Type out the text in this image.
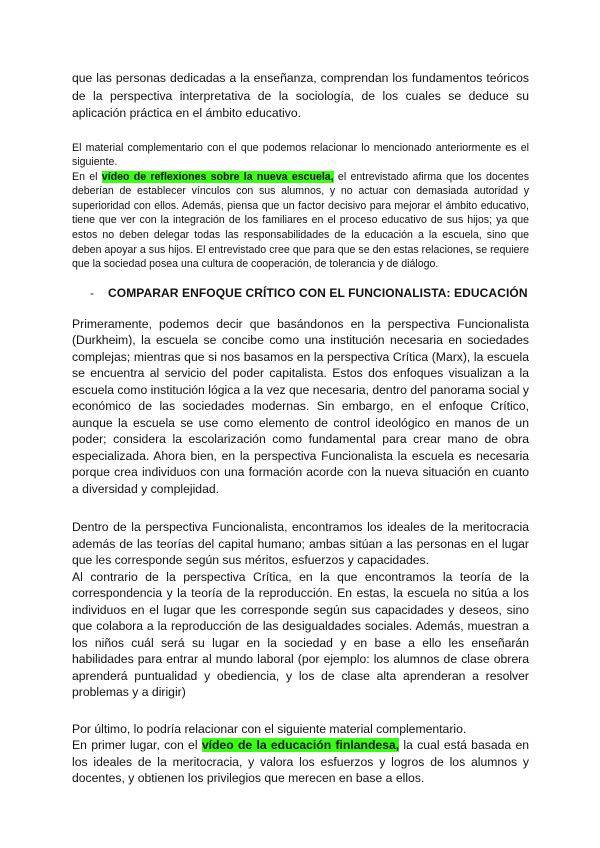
que las personas dedicadas a la enseñanza, comprendan los fundamentos teóricos de la perspectiva interpretativa de la sociología, de los cuales se deduce su aplicación práctica en el ámbito educativo.

El material complementario con el que podemos relacionar lo mencionado anteriormente es el siguiente.

En el vídeo de reflexiones sobre la nueva escuela, el entrevistado afirma que los docentes deberían de establecer vínculos con sus alumnos, y no actuar con demasiada autoridad y superioridad con ellos. Además, piensa que un factor decisivo para mejorar el ámbito educativo, tiene que ver con la integración de los familiares en el proceso educativo de sus hijos; ya que estos no deben delegar todas las responsabilidades de la educación a la escuela, sino que deben apoyar a sus hijos. El entrevistado cree que para que se den estas relaciones, se requiere que la sociedad posea una cultura de cooperación, de tolerancia y de diálogo.

-	COMPARAR ENFOQUE CRÍTICO CON EL FUNCIONALISTA: EDUCACIÓN

Primeramente, podemos decir que basándonos en la perspectiva Funcionalista (Durkheim), la escuela se concibe como una institución necesaria en sociedades complejas; mientras que si nos basamos en la perspectiva Crítica (Marx), la escuela se encuentra al servicio del poder capitalista. Estos dos enfoques visualizan a la escuela como institución lógica a la vez que necesaria, dentro del panorama social y económico de las sociedades modernas. Sin embargo, en el enfoque Crítico, aunque la escuela se use como elemento de control ideológico en manos de un poder; considera la escolarización como fundamental para crear mano de obra especializada. Ahora bien, en la perspectiva Funcionalista la escuela es necesaria porque crea individuos con una formación acorde con la nueva situación en cuanto a diversidad y complejidad.

Dentro de la perspectiva Funcionalista, encontramos los ideales de la meritocracia además de las teorías del capital humano; ambas sitúan a las personas en el lugar que les corresponde según sus méritos, esfuerzos y capacidades.

Al contrario de la perspectiva Crítica, en la que encontramos la teoría de la correspondencia y la teoría de la reproducción. En estas, la escuela no sitúa a los individuos en el lugar que les corresponde según sus capacidades y deseos, sino que colabora a la reproducción de las desigualdades sociales. Además, muestran a los niños cuál será su lugar en la sociedad y en base a ello les enseñarán habilidades para entrar al mundo laboral (por ejemplo: los alumnos de clase obrera aprenderá puntualidad y obediencia, y los de clase alta aprenderan a resolver problemas y a dirigir)

Por último, lo podría relacionar con el siguiente material complementario.

En primer lugar, con el vídeo de la educación finlandesa, la cual está basada en los ideales de la meritocracia, y valora los esfuerzos y logros de los alumnos y docentes, y obtienen los privilegios que merecen en base a ellos.
